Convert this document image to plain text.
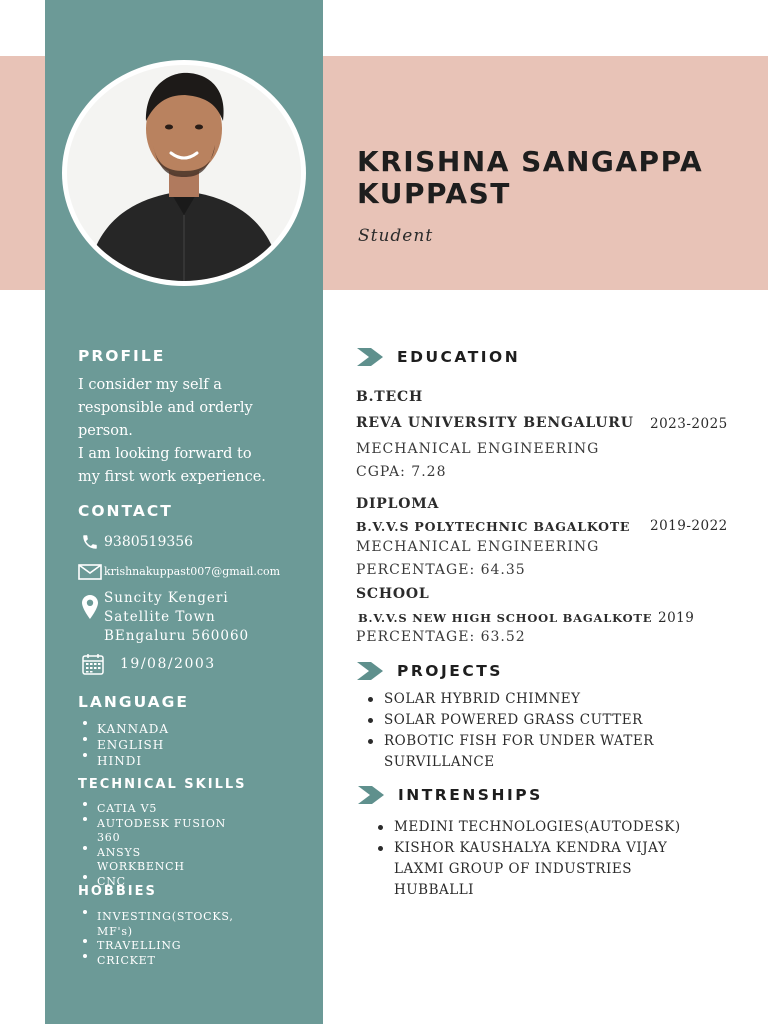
KRISHNA SANGAPPA
KUPPAST
Student
PROFILE
I consider my self a
responsible and orderly
person.
I am looking forward to
my first work experience.
CONTACT
9380519356
krishnakuppast007@gmail.com
Suncity Kengeri
Satellite Town
BEngaluru 560060
19/08/2003
LANGUAGE
KANNADA
ENGLISH
HINDI
TECHNICAL SKILLS
CATIA V5
AUTODESK FUSION 360
ANSYS WORKBENCH
CNC
HOBBIES
INVESTING(STOCKS, MF's)
TRAVELLING
CRICKET
EDUCATION
B.TECH
REVA UNIVERSITY BENGALURU 2023-2025
MECHANICAL ENGINEERING
CGPA: 7.28
DIPLOMA
B.V.V.S POLYTECHNIC BAGALKOTE 2019-2022
MECHANICAL ENGINEERING
PERCENTAGE: 64.35
SCHOOL
B.V.V.S NEW HIGH SCHOOL BAGALKOTE 2019
PERCENTAGE: 63.52
PROJECTS
SOLAR HYBRID CHIMNEY
SOLAR POWERED GRASS CUTTER
ROBOTIC FISH FOR UNDER WATER SURVILLANCE
INTRENSHIPS
MEDINI TECHNOLOGIES(AUTODESK)
KISHOR KAUSHALYA KENDRA VIJAY LAXMI GROUP OF INDUSTRIES HUBBALLI
